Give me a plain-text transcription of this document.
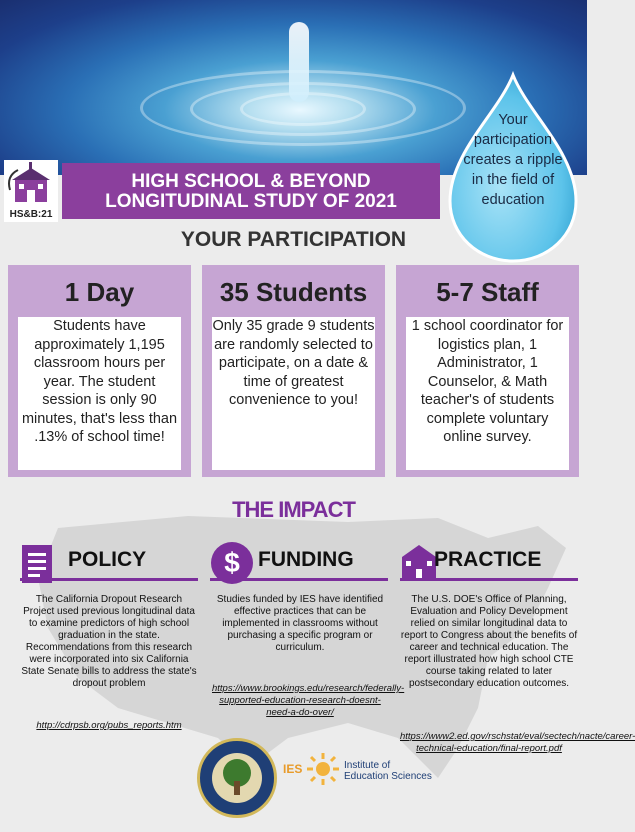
HS&B:21
HIGH SCHOOL & BEYOND
LONGITUDINAL STUDY OF 2021
Your participation creates a ripple in the field of education
YOUR PARTICIPATION
1 Day
Students have approximately 1,195 classroom hours per year. The student session is only 90 minutes, that's less than .13% of school time!
35 Students
Only 35 grade 9 students are randomly selected to participate, on a date & time of greatest convenience to you!
5-7 Staff
1 school coordinator for logistics plan, 1 Administrator, 1 Counselor, & Math teacher's of students complete voluntary online survey.
THE IMPACT
POLICY
The California Dropout Research Project used previous longitudinal data to examine predictors of high school graduation in the state. Recommendations from this research were incorporated into six California State Senate bills to address the state's dropout problem
http://cdrpsb.org/pubs_reports.htm
$ FUNDING
Studies funded by IES have identified effective practices that can be implemented in classrooms without purchasing a specific program or curriculum.
https://www.brookings.edu/research/federally-supported-education-research-doesnt-need-a-do-over/
PRACTICE
The U.S. DOE's Office of Planning, Evaluation and Policy Development relied on similar longitudinal data to report to Congress about the benefits of career and technical education. The report illustrated how high school CTE course taking related to later postsecondary education outcomes.
https://www2.ed.gov/rschstat/eval/sectech/nacte/career-technical-education/final-report.pdf
IES	Institute of
Education Sciences
